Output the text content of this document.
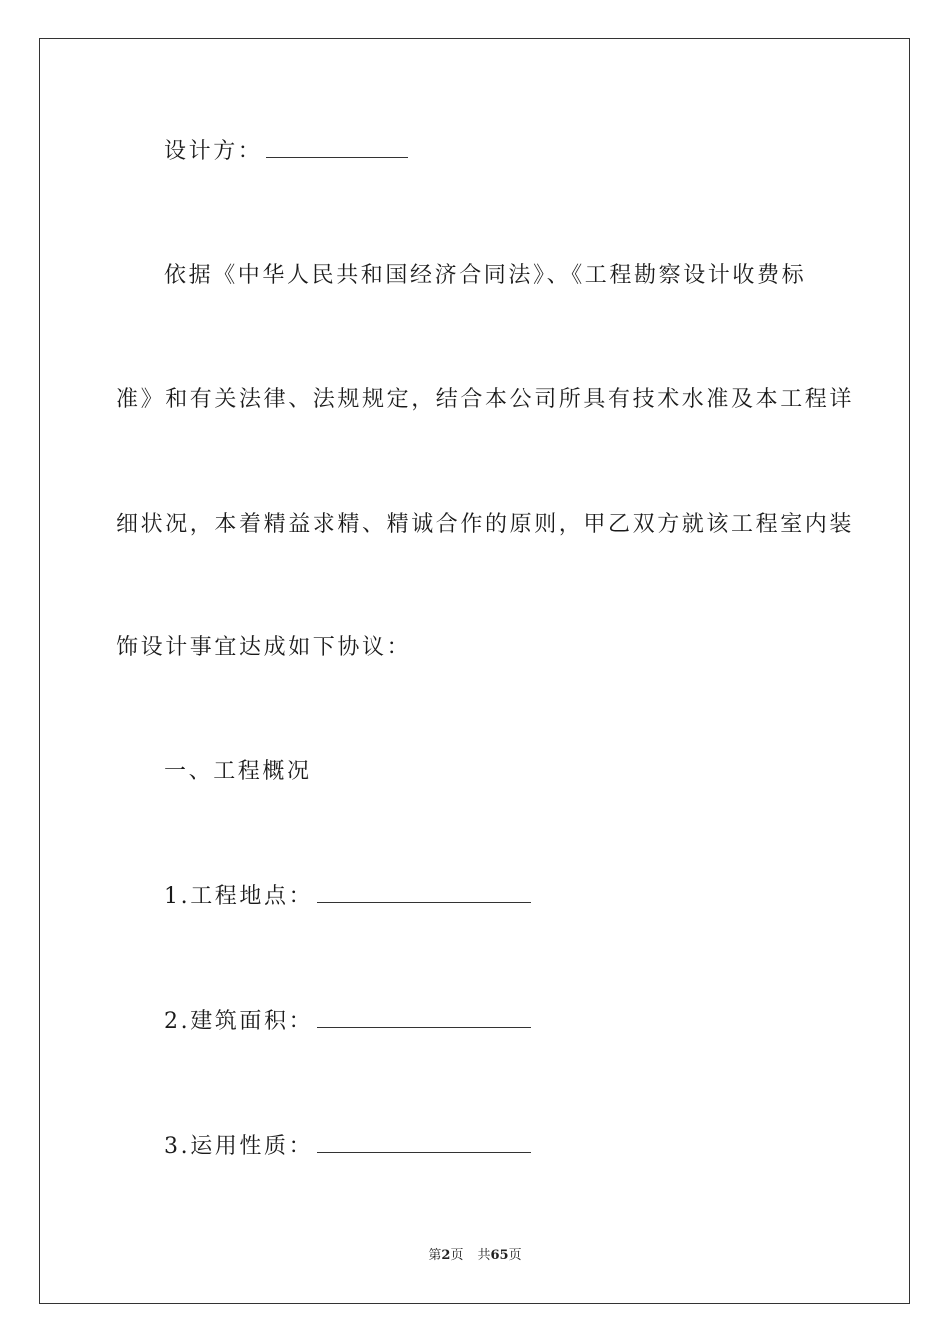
设计方：
依据《中华人民共和国经济合同法》、《工程勘察设计收费标
准》和有关法律、法规规定，结合本公司所具有技术水准及本工程详
细状况，本着精益求精、精诚合作的原则，甲乙双方就该工程室内装
饰设计事宜达成如下协议：
一、工程概况
1.工程地点：
2.建筑面积：
3.运用性质：
第2页 共65页
